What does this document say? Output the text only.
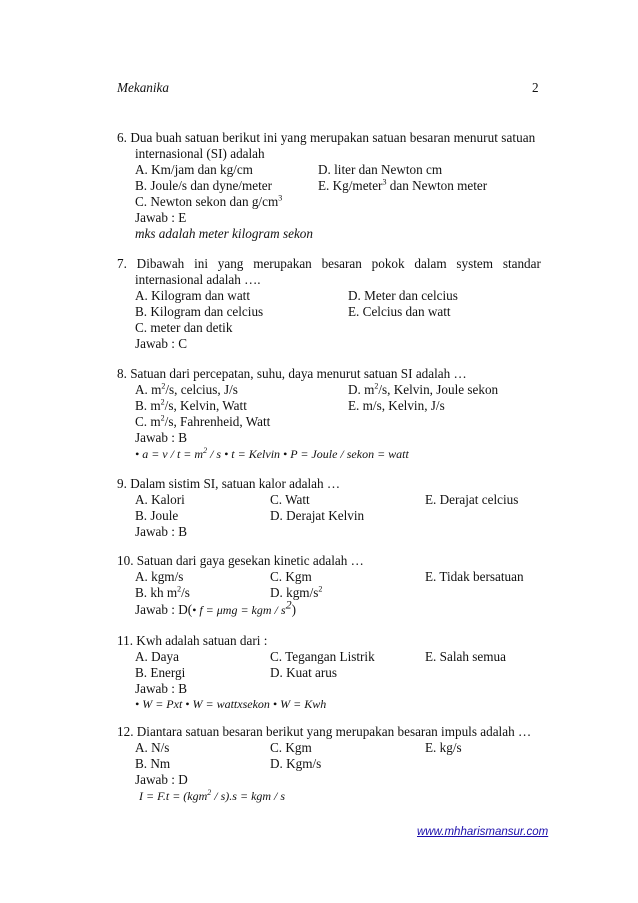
Mekanika	2
6. Dua buah satuan berikut ini yang merupakan satuan besaran menurut satuan
internasional (SI) adalah
A. Km/jam dan kg/cm	D. liter dan Newton cm
B. Joule/s dan dyne/meter	E. Kg/meter$^3$ dan Newton meter
C. Newton sekon dan $g/cm^3$
Jawab : E
mks adalah meter kilogram sekon
7. Dibawah ini yang merupakan besaran pokok dalam system standar
internasional adalah ….
A. Kilogram dan watt	D. Meter dan celcius
B. Kilogram dan celcius	E. Celcius dan watt
C. meter dan detik
Jawab : C
8. Satuan dari percepatan, suhu, daya menurut satuan SI adalah …
A. $m^2/s$, celcius, J/s	D. $m^2/s$, Kelvin, Joule sekon
B. $m^2/s$, Kelvin, Watt	E. m/s, Kelvin, J/s
C. $m^2/s$, Fahrenheid, Watt
Jawab : B
• $a = v / t = m^2 / s$ • t = Kelvin • P = Joule / sekon = watt
9. Dalam sistim SI, satuan kalor adalah …
A. Kalori	C. Watt	E. Derajat celcius
B. Joule	D. Derajat Kelvin
Jawab : B
10. Satuan dari gaya gesekan kinetic adalah …
A. kgm/s	C. Kgm	E. Tidak bersatuan
B. kh $m^2/s$	D. kgm/$s^2$
Jawab : D(• f = μmg = kgm / $s^2$)
11. Kwh adalah satuan dari :
A. Daya	C. Tegangan Listrik	E. Salah semua
B. Energi	D. Kuat arus
Jawab : B
• W = Pxt • W = wattxsekon • W = Kwh
12. Diantara satuan besaran berikut yang merupakan besaran impuls adalah …
A. N/s	C. Kgm	E. kg/s
B. Nm	D. Kgm/s
Jawab : D
I = F.t = (kgm$^2$ / s).s = kgm / s
www.mhharismansur.com
